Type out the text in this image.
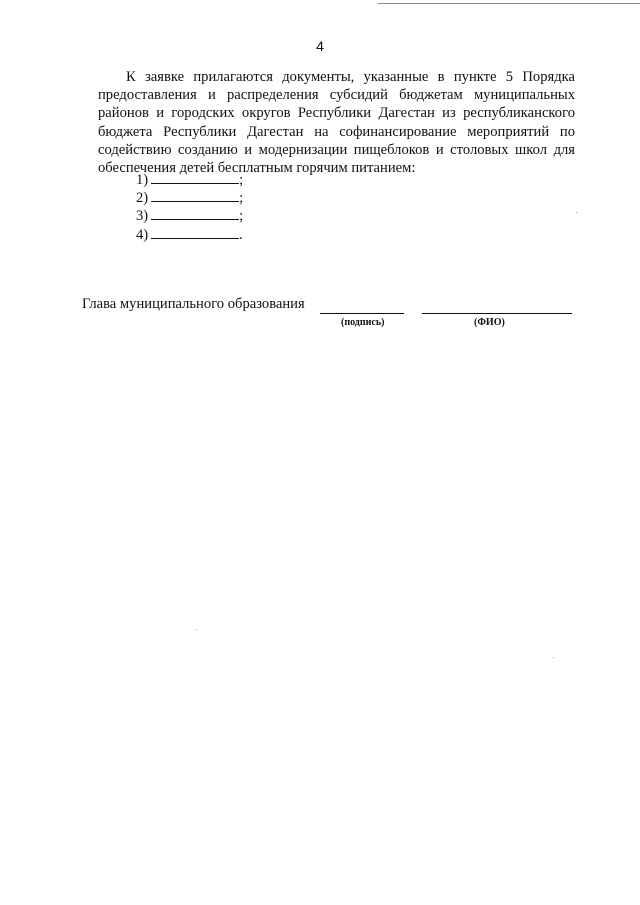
4

К заявке прилагаются документы, указанные в пункте 5 Порядка предоставления и распределения субсидий бюджетам муниципальных районов и городских округов Республики Дагестан из республиканского бюджета Республики Дагестан на софинансирование мероприятий по содействию созданию и модернизации пищеблоков и столовых школ для обеспечения детей бесплатным горячим питанием:

1)	;
2)	;
3)	;
4)	.
Глава муниципального образования
(подпись)	(ФИО)
